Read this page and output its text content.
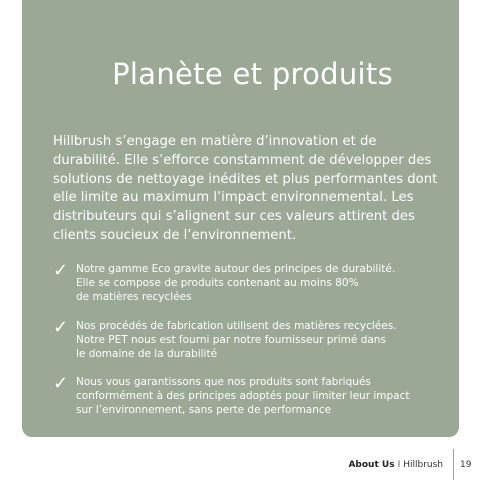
Planète et produits

Hillbrush s’engage en matière d’innovation et de durabilité. Elle s’efforce constamment de développer des solutions de nettoyage inédites et plus performantes dont elle limite au maximum l’impact environnemental. Les distributeurs qui s’alignent sur ces valeurs attirent des clients soucieux de l’environnement.

✓ Notre gamme Eco gravite autour des principes de durabilité.
Elle se compose de produits contenant au moins 80%
de matières recyclées

✓ Nos procédés de fabrication utilisent des matières recyclées.
Notre PET nous est fourni par notre fournisseur primé dans
le domaine de la durabilité

✓ Nous vous garantissons que nos produits sont fabriqués
conformément à des principes adoptés pour limiter leur impact
sur l’environnement, sans perte de performance

About Us I Hillbrush 19
